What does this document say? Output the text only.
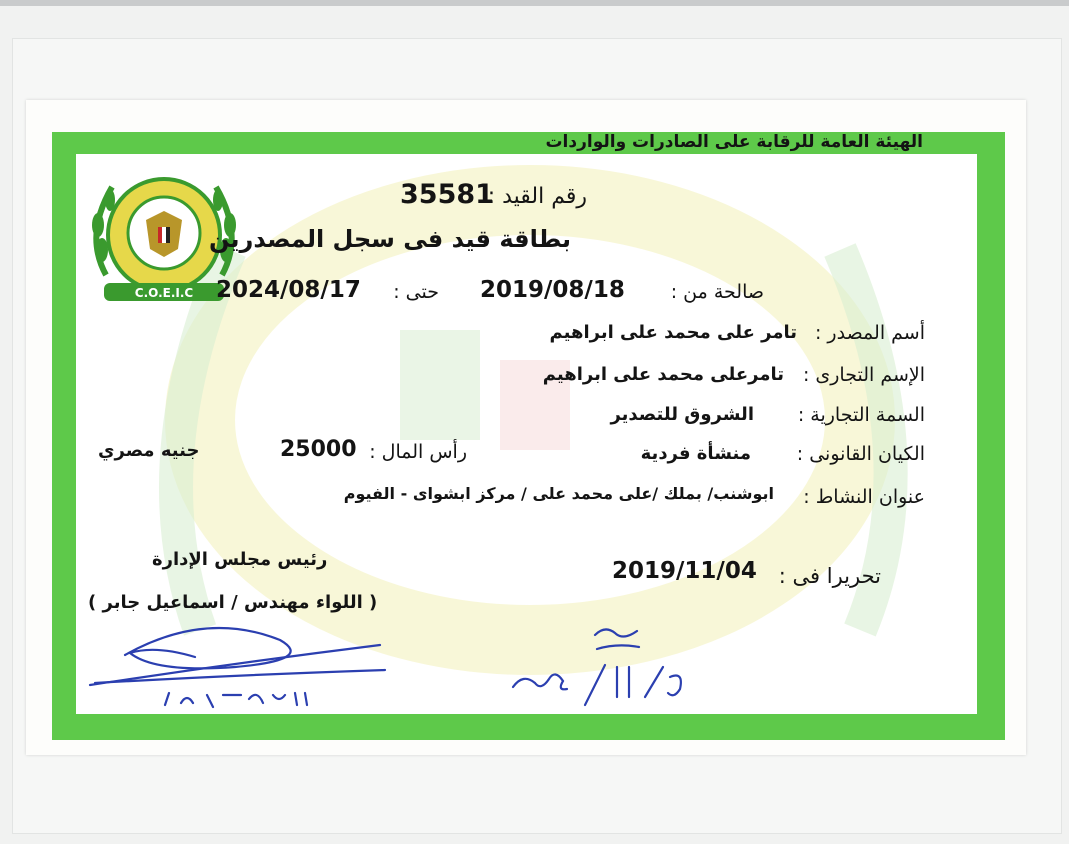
C.O.E.I.C
الهيئة العامة للرقابة على الصادرات والواردات
رقم القيد :
35581
بطاقة قيد فى سجل المصدرين
صالحة من :
2019/08/18
حتى :
2024/08/17
أسم المصدر :
تامر على محمد على ابراهيم
الإسم التجارى :
تامرعلى محمد على ابراهيم
السمة التجارية :
الشروق للتصدير
الكيان القانونى :
منشأة فردية
رأس المال :
25000
جنيه مصري
عنوان النشاط :
ابوشنب/ بملك /على محمد على / مركز ابشواى - الفيوم
تحريرا فى :
2019/11/04
رئيس مجلس الإدارة
( اللواء مهندس / اسماعيل جابر )
